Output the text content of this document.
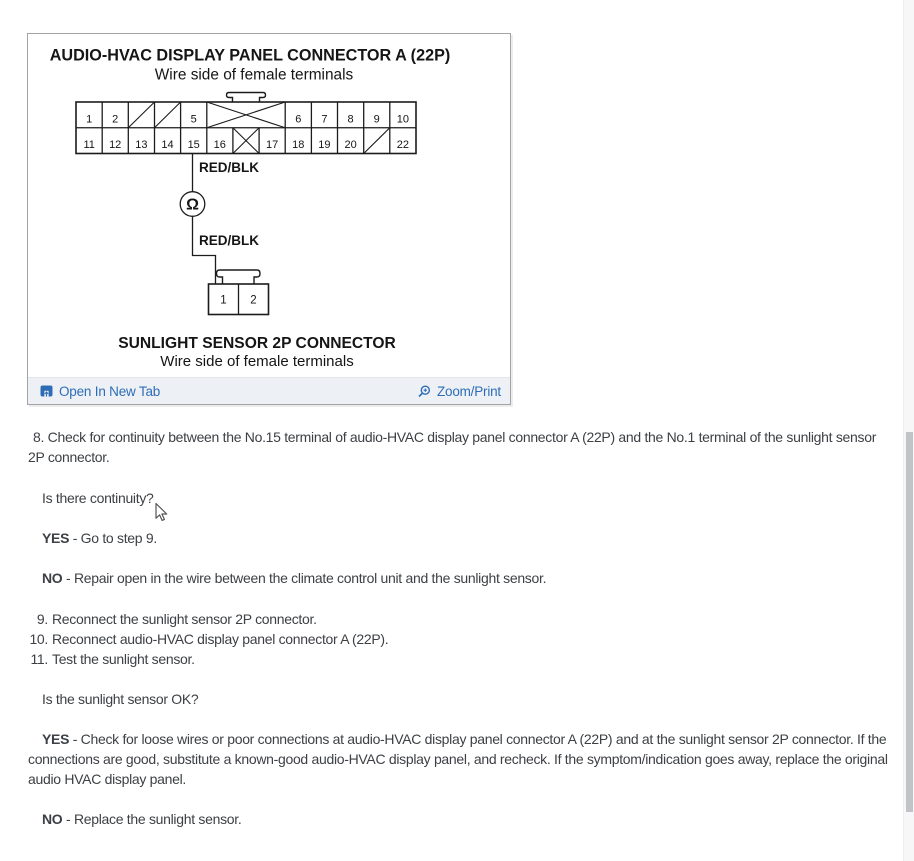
AUDIO-HVAC DISPLAY PANEL CONNECTOR A (22P)
Wire side of female terminals
1 2	5	6 7 8 9 10
11 12 13 14 15 16	17 18 19 20	22
RED/BLK
Ω
RED/BLK
1 2
SUNLIGHT SENSOR 2P CONNECTOR
Wire side of female terminals
Open In New Tab	Zoom/Print
8. Check for continuity between the No.15 terminal of audio-HVAC display panel connector A (22P) and the No.1 terminal of the sunlight sensor 2P connector.
Is there continuity?
YES - Go to step 9.
NO - Repair open in the wire between the climate control unit and the sunlight sensor.
9. Reconnect the sunlight sensor 2P connector.
10. Reconnect audio-HVAC display panel connector A (22P).
11. Test the sunlight sensor.
Is the sunlight sensor OK?
YES - Check for loose wires or poor connections at audio-HVAC display panel connector A (22P) and at the sunlight sensor 2P connector. If the connections are good, substitute a known-good audio-HVAC display panel, and recheck. If the symptom/indication goes away, replace the original audio HVAC display panel.
NO - Replace the sunlight sensor.
